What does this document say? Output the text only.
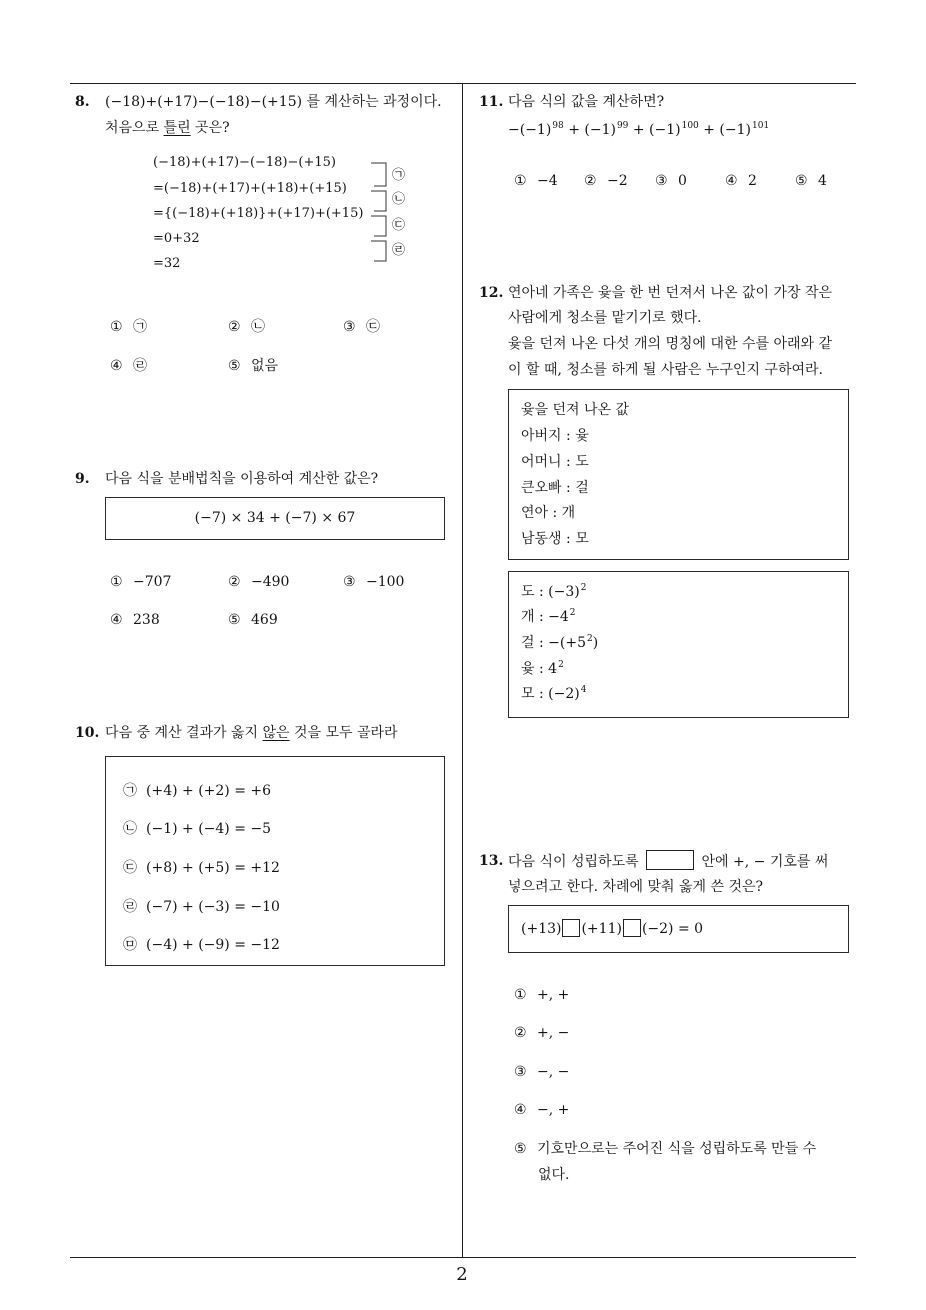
8. (−18)+(+17)−(−18)−(+15) 를 계산하는 과정이다.
처음으로 틀린 곳은?
(−18)+(+17)−(−18)−(+15)
=(−18)+(+17)+(+18)+(+15)
={(−18)+(+18)}+(+17)+(+15)
=0+32
=32
㉠
㉡
㉢
㉣
① ㉠	② ㉡	③ ㉢
④ ㉣	⑤ 없음
9. 다음 식을 분배법칙을 이용하여 계산한 값은?
(−7) × 34 + (−7) × 67
① −707	② −490	③ −100
④ 238	⑤ 469
10. 다음 중 계산 결과가 옳지 않은 것을 모두 골라라
㉠ (+4) + (+2) = +6
㉡ (−1) + (−4) = −5
㉢ (+8) + (+5) = +12
㉣ (−7) + (−3) = −10
㉤ (−4) + (−9) = −12
11. 다음 식의 값을 계산하면?
$-(-1)^{98} + (-1)^{99} + (-1)^{100} + (-1)^{101}$
① −4 ② −2 ③ 0	④ 2	⑤ 4
12. 연아네 가족은 윷을 한 번 던져서 나온 값이 가장 작은
사람에게 청소를 맡기기로 했다.
윷을 던져 나온 다섯 개의 명칭에 대한 수를 아래와 같
이 할 때, 청소를 하게 될 사람은 누구인지 구하여라.
윷을 던져 나온 값
아버지 : 윷
어머니 : 도
큰오빠 : 걸
연아 : 개
남동생 : 모
도 : $(-3)^2$
개 : $-4^2$
걸 : $-(+5^2)$
윷 : $4^2$
모 : $(-2)^4$
13. 다음 식이 성립하도록	안에 +, − 기호를 써
넣으려고 한다. 차례에 맞춰 옳게 쓴 것은?
(+13) (+11) (−2) = 0
① +, +
② +, −
③ −, −
④ −, +
⑤ 기호만으로는 주어진 식을 성립하도록 만들 수
없다.
2
